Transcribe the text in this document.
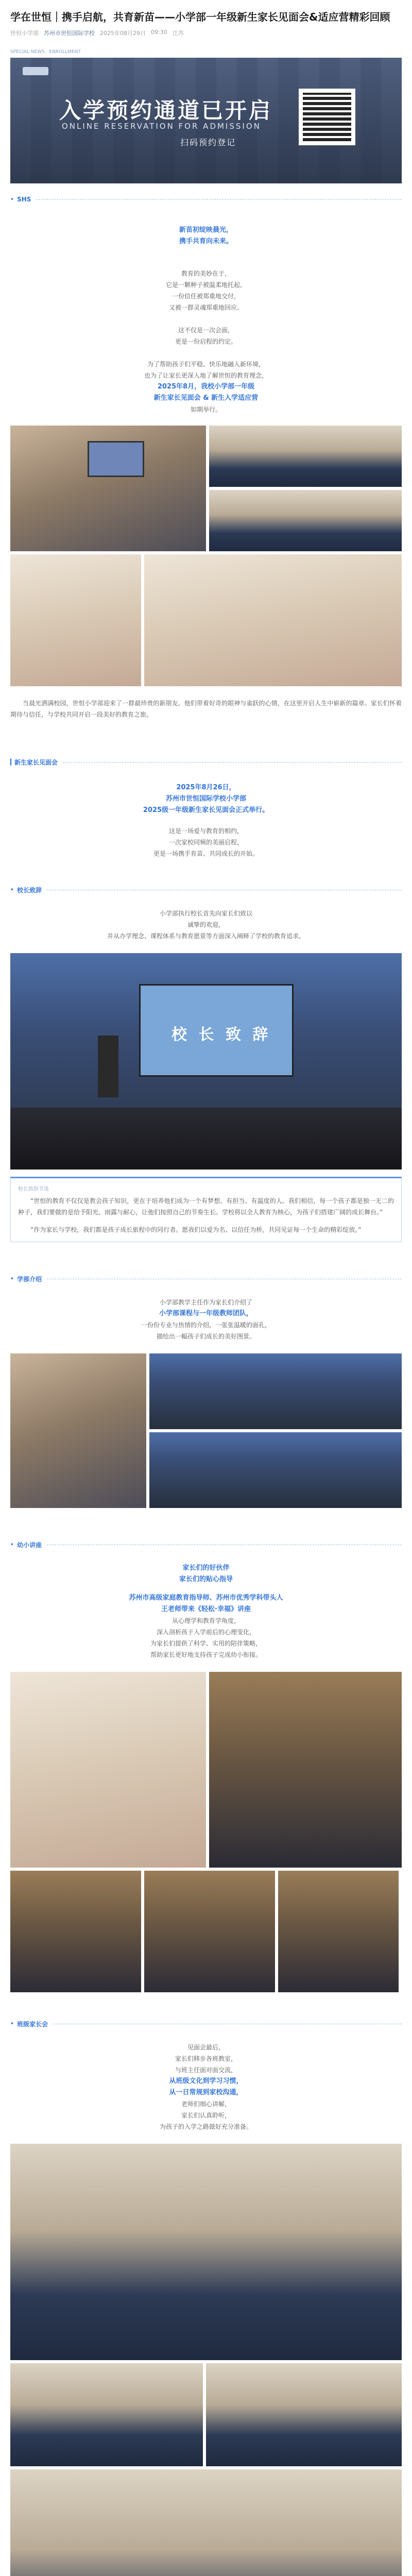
学在世恒｜携手启航，共育新苗——小学部一年级新生家长见面会&适应营精彩回顾
世恒小学部 苏州市世恒国际学校 2025年08月29日 09:30 江苏
SPECIAL NEWS · ENROLLMENT
入学预约通道已开启
ONLINE RESERVATION FOR ADMISSION
扫码预约登记
• SHS
新苗初绽映晨光，
携手共育向未来。
教育的美妙在于，
它是一颗种子被温柔地托起，
一份信任被郑重地交付，
又被一群灵魂郑重地回应。
这不仅是一次会面，
更是一份启程的约定。
为了帮助孩子们平稳、快乐地融入新环境，
也为了让家长更深入地了解世恒的教育理念，
2025年8月，我校小学部一年级
新生家长见面会 & 新生入学适应营
如期举行。
当晨光洒满校园，世恒小学部迎来了一群最珍贵的新朋友。他们带着好奇的眼神与雀跃的心情，在这里开启人生中崭新的篇章。家长们怀着期待与信任，与学校共同开启一段美好的教育之旅。
新生家长见面会
2025年8月26日，
苏州市世恒国际学校小学部
2025级一年级新生家长见面会正式举行。
这是一场爱与教育的相约，
一次家校同频的美丽启程，
更是一场携手育苗、共同成长的开始。
• 校长致辞
小学部执行校长首先向家长们致以
诚挚的欢迎，
并从办学理念、课程体系与教育愿景等方面深入阐释了学校的教育追求。
校 长 致 辞
校长致辞节选
“世恒的教育不仅仅是教会孩子知识，更在于培养他们成为一个有梦想、有担当、有温度的人。我们相信，每一个孩子都是独一无二的种子，我们要做的是给予阳光、雨露与耐心，让他们按照自己的节奏生长。学校将以全人教育为核心，为孩子们搭建广阔的成长舞台。”
“作为家长与学校，我们都是孩子成长旅程中的同行者。愿我们以爱为名、以信任为桥，共同见证每一个生命的精彩绽放。”
• 学部介绍
小学部教学主任作为家长们介绍了
小学部课程与一年级教师团队，
一份份专业与热情的介绍，一张张温暖的面孔，
描绘出一幅孩子们成长的美好图景。
• 幼小讲座
家长们的好伙伴
家长们的贴心指导
苏州市高级家庭教育指导师、苏州市优秀学科带头人
王老师带来《轻松·幸福》讲座
从心理学和教育学角度，
深入剖析孩子入学前后的心理变化，
为家长们提供了科学、实用的陪伴策略，
帮助家长更好地支持孩子完成幼小衔接。
• 班级家长会
见面会最后，
家长们移步各班教室，
与班主任面对面交流，
从班级文化到学习习惯，
从一日常规到家校沟通，
老师们细心讲解，
家长们认真聆听，
为孩子的入学之路做好充分准备。
